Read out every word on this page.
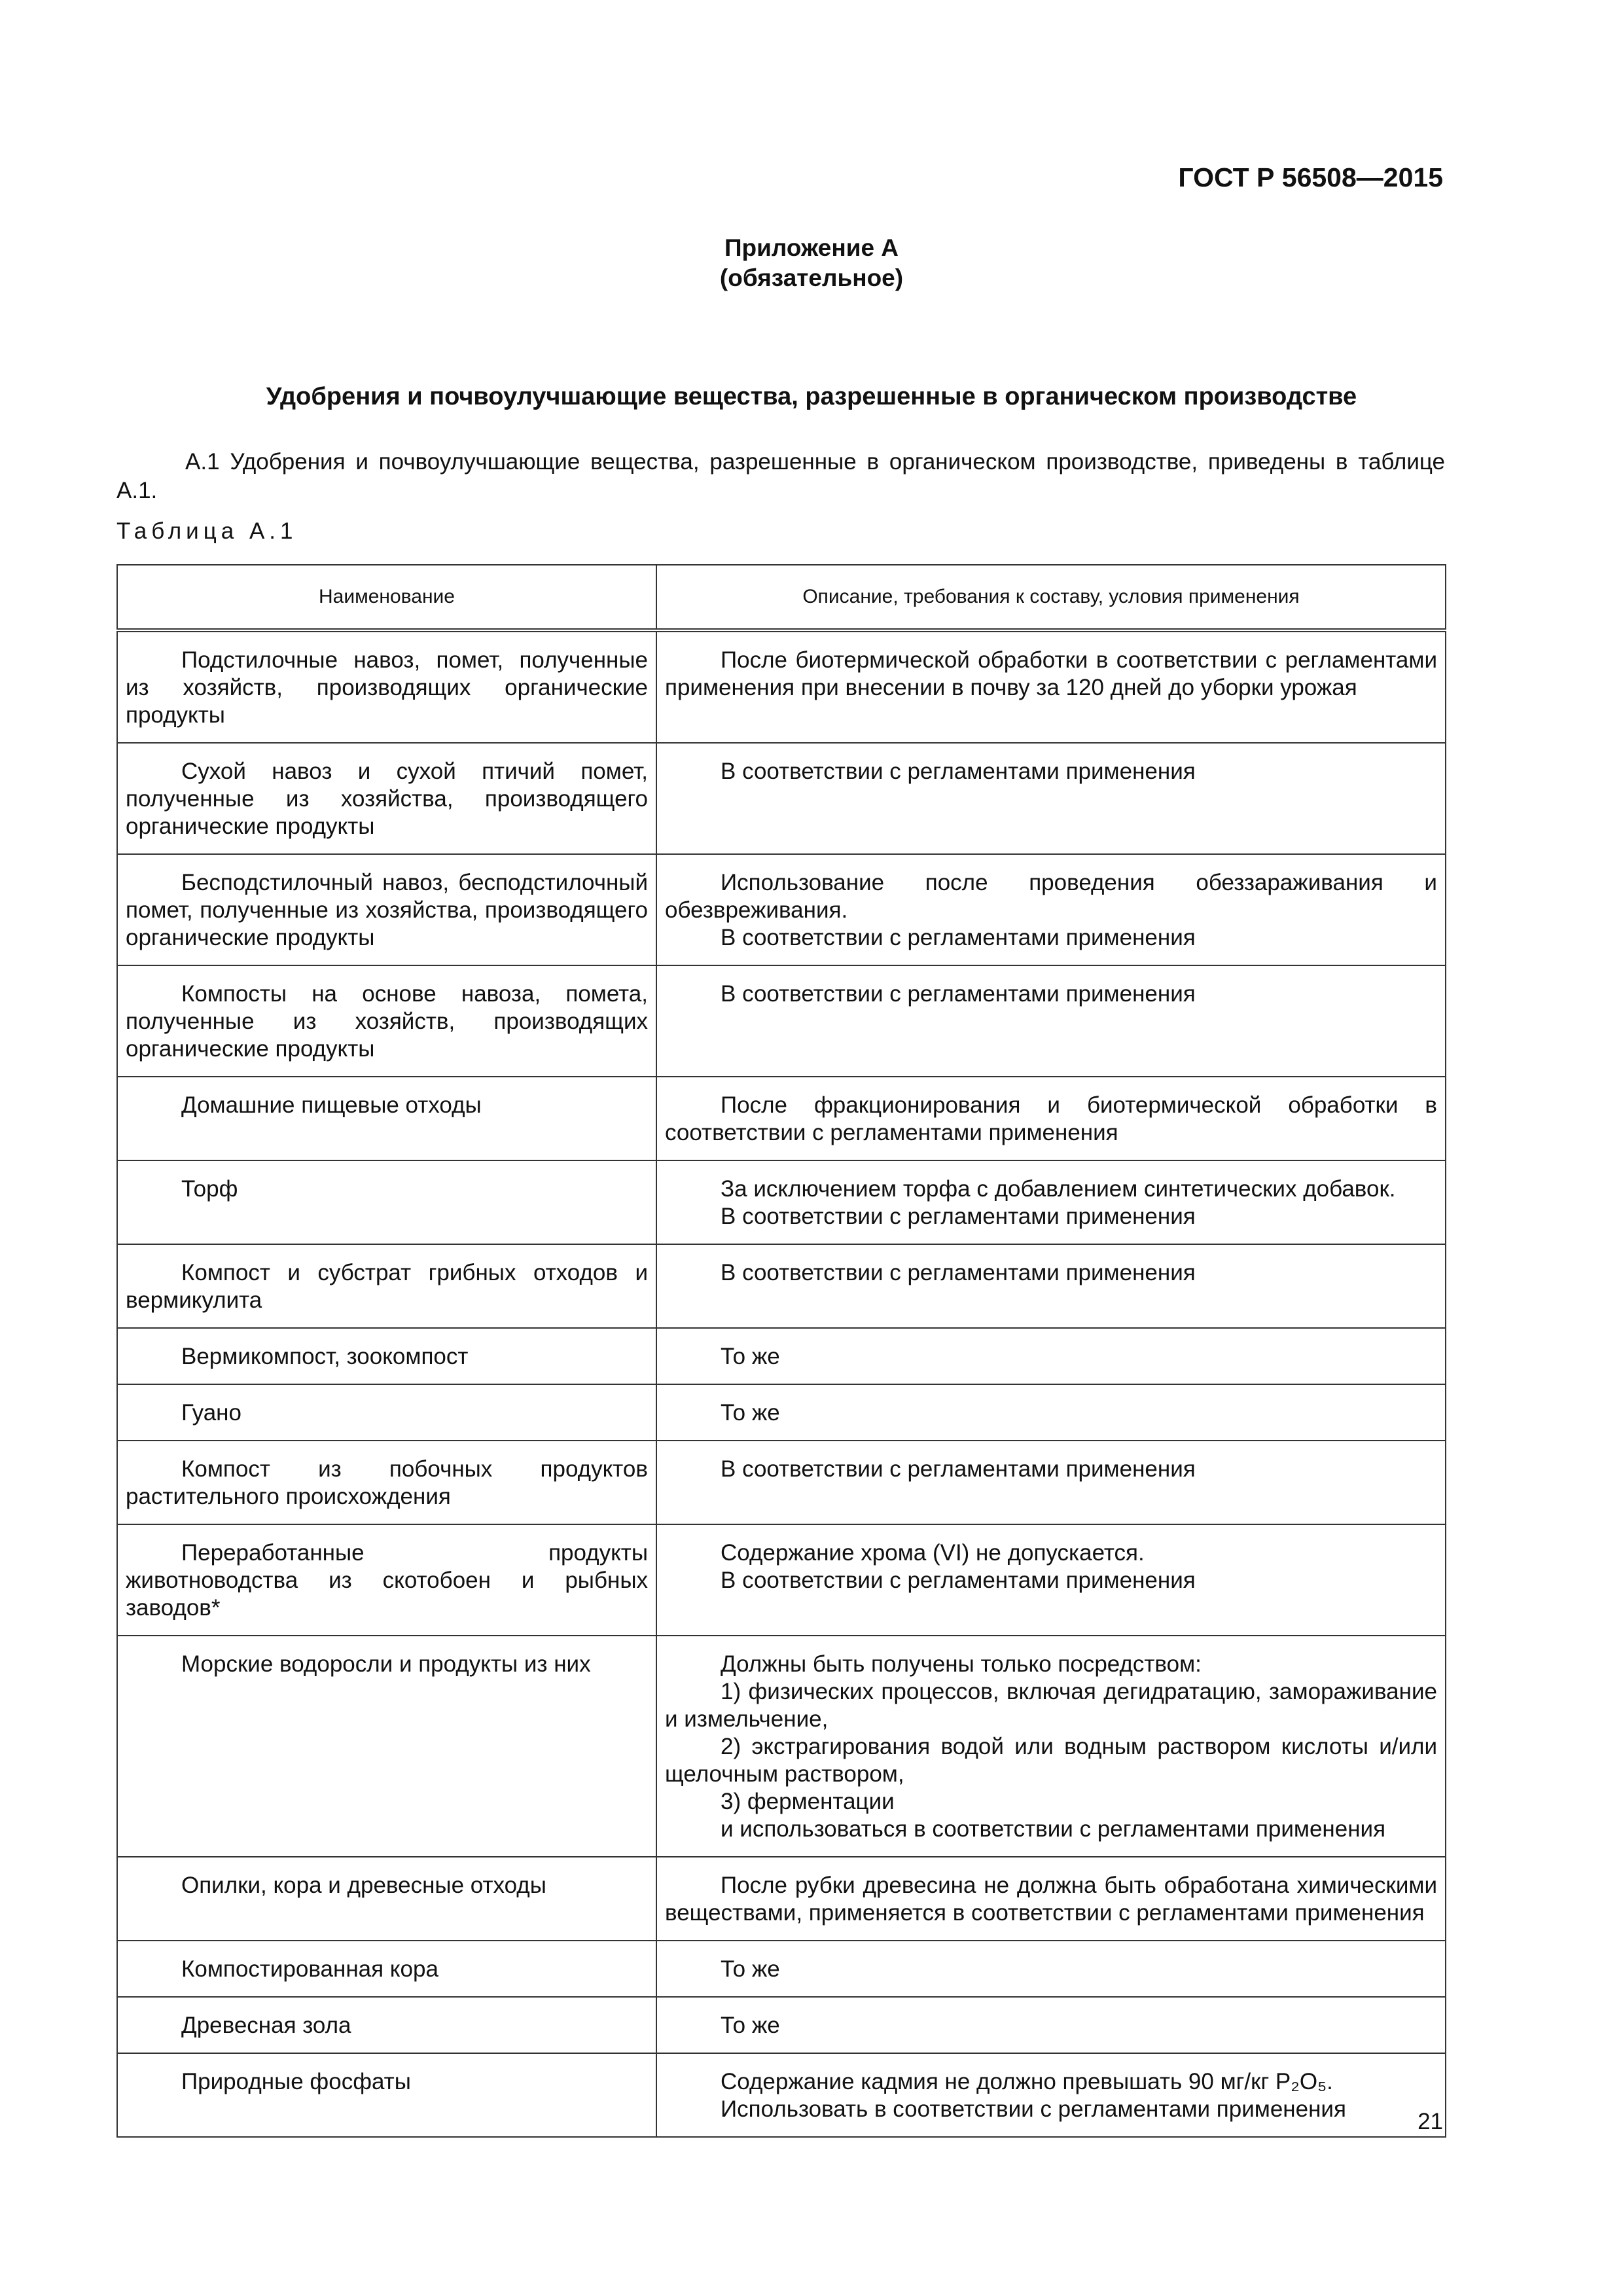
ГОСТ Р 56508—2015
Приложение А
(обязательное)
Удобрения и почвоулучшающие вещества, разрешенные в органическом производстве
А.1 Удобрения и почвоулучшающие вещества, разрешенные в органическом производстве, приведены в таблице А.1.
Таблица А.1
Наименование	Описание, требования к составу, условия применения

Подстилочные навоз, помет, полученные из хозяйств, производящих органические продукты	После биотермической обработки в соответствии с регламентами применения при внесении в почву за 120 дней до уборки урожая

Сухой навоз и сухой птичий помет, полученные из хозяйства, производящего органические продукты	В соответствии с регламентами применения

Бесподстилочный навоз, бесподстилочный помет, полученные из хозяйства, производящего органические продукты	Использование после проведения обеззараживания и обезвреживания.
В соответствии с регламентами применения

Компосты на основе навоза, помета, полученные из хозяйств, производящих органические продукты	В соответствии с регламентами применения

Домашние пищевые отходы	После фракционирования и биотермической обработки в соответствии с регламентами применения

Торф	За исключением торфа с добавлением синтетических добавок.
В соответствии с регламентами применения

Компост и субстрат грибных отходов и вермикулита	В соответствии с регламентами применения

Вермикомпост, зоокомпост	То же

Гуано	То же

Компост из побочных продуктов растительного происхождения	В соответствии с регламентами применения

Переработанные продукты животноводства из скотобоен и рыбных заводов*	Содержание хрома (VI) не допускается.
В соответствии с регламентами применения

Морские водоросли и продукты из них	Должны быть получены только посредством:
1) физических процессов, включая дегидратацию, замораживание и измельчение,
2) экстрагирования водой или водным раствором кислоты и/или щелочным раствором,
3) ферментации
и использоваться в соответствии с регламентами применения

Опилки, кора и древесные отходы	После рубки древесина не должна быть обработана химическими веществами, применяется в соответствии с регламентами применения

Компостированная кора	То же

Древесная зола	То же

Природные фосфаты	Содержание кадмия не должно превышать 90 мг/кг P₂O₅.
Использовать в соответствии с регламентами применения	21
